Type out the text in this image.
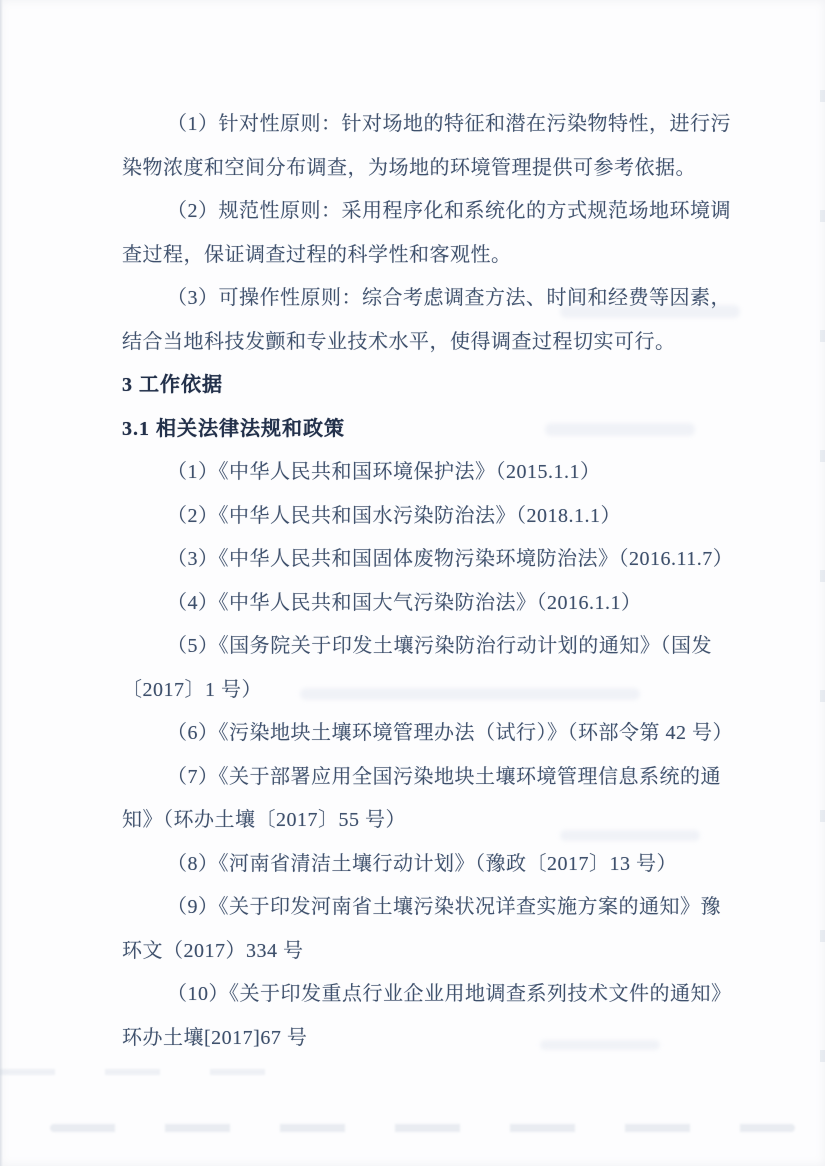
（1）针对性原则：针对场地的特征和潜在污染物特性，进行污
染物浓度和空间分布调查，为场地的环境管理提供可参考依据。
（2）规范性原则：采用程序化和系统化的方式规范场地环境调
查过程，保证调查过程的科学性和客观性。
（3）可操作性原则：综合考虑调查方法、时间和经费等因素，
结合当地科技发颤和专业技术水平，使得调查过程切实可行。
3 工作依据
3.1 相关法律法规和政策
（1）《中华人民共和国环境保护法》（2015.1.1）
（2）《中华人民共和国水污染防治法》（2018.1.1）
（3）《中华人民共和国固体废物污染环境防治法》（2016.11.7）
（4）《中华人民共和国大气污染防治法》（2016.1.1）
（5）《国务院关于印发土壤污染防治行动计划的通知》（国发
〔2017〕1 号）
（6）《污染地块土壤环境管理办法（试行）》（环部令第 42 号）
（7）《关于部署应用全国污染地块土壤环境管理信息系统的通
知》（环办土壤〔2017〕55 号）
（8）《河南省清洁土壤行动计划》（豫政〔2017〕13 号）
（9）《关于印发河南省土壤污染状况详查实施方案的通知》豫
环文（2017）334 号
（10）《关于印发重点行业企业用地调查系列技术文件的通知》
环办土壤[2017]67 号
